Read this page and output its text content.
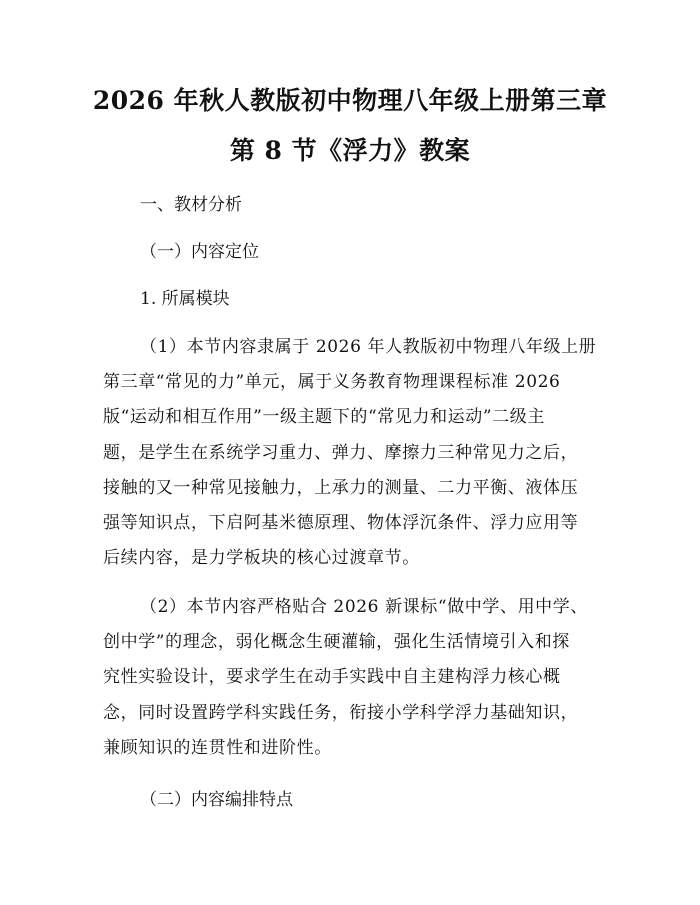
2026 年秋人教版初中物理八年级上册第三章
第 8 节《浮力》教案

一、教材分析

（一）内容定位

1. 所属模块

（1）本节内容隶属于 2026 年人教版初中物理八年级上册
第三章“常见的力”单元，属于义务教育物理课程标准 2026
版“运动和相互作用”一级主题下的“常见力和运动”二级主
题，是学生在系统学习重力、弹力、摩擦力三种常见力之后，
接触的又一种常见接触力，上承力的测量、二力平衡、液体压
强等知识点，下启阿基米德原理、物体浮沉条件、浮力应用等
后续内容，是力学板块的核心过渡章节。
（2）本节内容严格贴合 2026 新课标“做中学、用中学、
创中学”的理念，弱化概念生硬灌输，强化生活情境引入和探
究性实验设计，要求学生在动手实践中自主建构浮力核心概
念，同时设置跨学科实践任务，衔接小学科学浮力基础知识，
兼顾知识的连贯性和进阶性。

（二）内容编排特点
